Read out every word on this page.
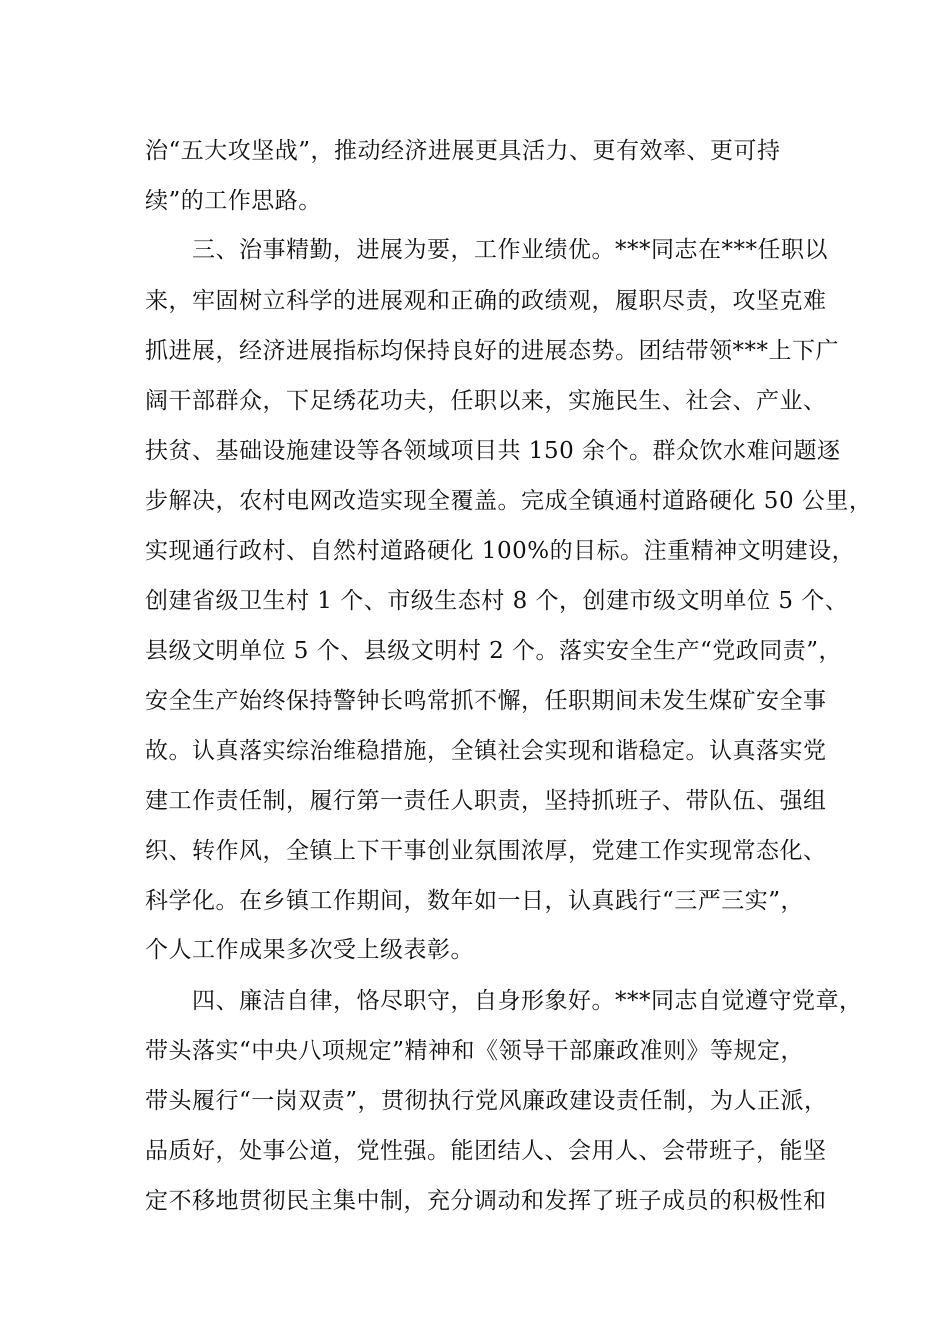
治“五大攻坚战”，推动经济进展更具活力、更有效率、更可持
续”的工作思路。
　　三、治事精勤，进展为要，工作业绩优。***同志在***任职以
来，牢固树立科学的进展观和正确的政绩观，履职尽责，攻坚克难
抓进展，经济进展指标均保持良好的进展态势。团结带领***上下广
阔干部群众，下足绣花功夫，任职以来，实施民生、社会、产业、
扶贫、基础设施建设等各领域项目共 150 余个。群众饮水难问题逐
步解决，农村电网改造实现全覆盖。完成全镇通村道路硬化 50 公里，
实现通行政村、自然村道路硬化 100%的目标。注重精神文明建设，
创建省级卫生村 1 个、市级生态村 8 个，创建市级文明单位 5 个、
县级文明单位 5 个、县级文明村 2 个。落实安全生产“党政同责”，
安全生产始终保持警钟长鸣常抓不懈，任职期间未发生煤矿安全事
故。认真落实综治维稳措施，全镇社会实现和谐稳定。认真落实党
建工作责任制，履行第一责任人职责，坚持抓班子、带队伍、强组
织、转作风，全镇上下干事创业氛围浓厚，党建工作实现常态化、
科学化。在乡镇工作期间，数年如一日，认真践行“三严三实”，
个人工作成果多次受上级表彰。
　　四、廉洁自律，恪尽职守，自身形象好。***同志自觉遵守党章，
带头落实“中央八项规定”精神和《领导干部廉政准则》等规定，
带头履行“一岗双责”，贯彻执行党风廉政建设责任制，为人正派，
品质好，处事公道，党性强。能团结人、会用人、会带班子，能坚
定不移地贯彻民主集中制，充分调动和发挥了班子成员的积极性和
